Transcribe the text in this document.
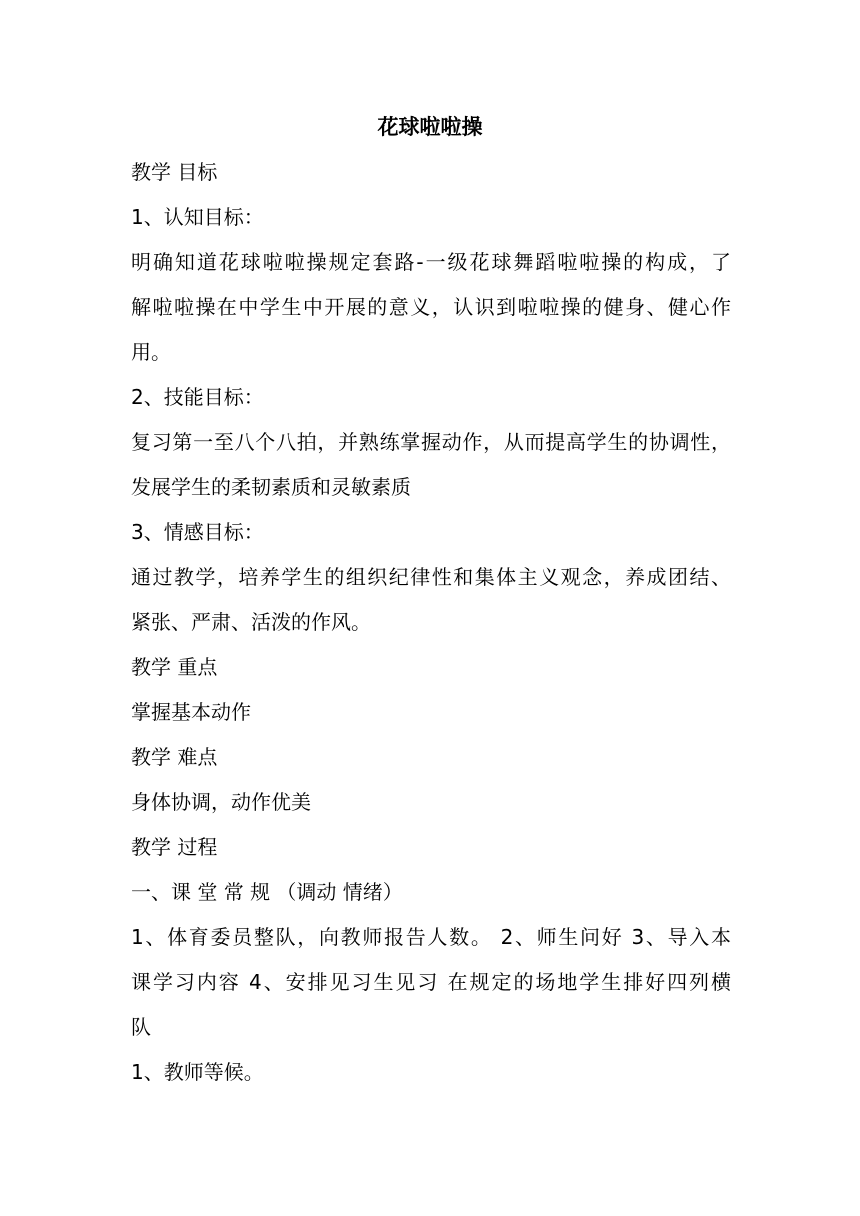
花球啦啦操
教学 目标
1、认知目标：
明确知道花球啦啦操规定套路-一级花球舞蹈啦啦操的构成，了
解啦啦操在中学生中开展的意义，认识到啦啦操的健身、健心作
用。
2、技能目标：
复习第一至八个八拍，并熟练掌握动作，从而提高学生的协调性，
发展学生的柔韧素质和灵敏素质
3、情感目标：
通过教学，培养学生的组织纪律性和集体主义观念，养成团结、
紧张、严肃、活泼的作风。
教学 重点
掌握基本动作
教学 难点
身体协调，动作优美
教学 过程
一、课 堂 常 规 （调动 情绪）
1、体育委员整队，向教师报告人数。 2、师生问好 3、导入本
课学习内容 4、安排见习生见习 在规定的场地学生排好四列横
队
1、教师等候。
